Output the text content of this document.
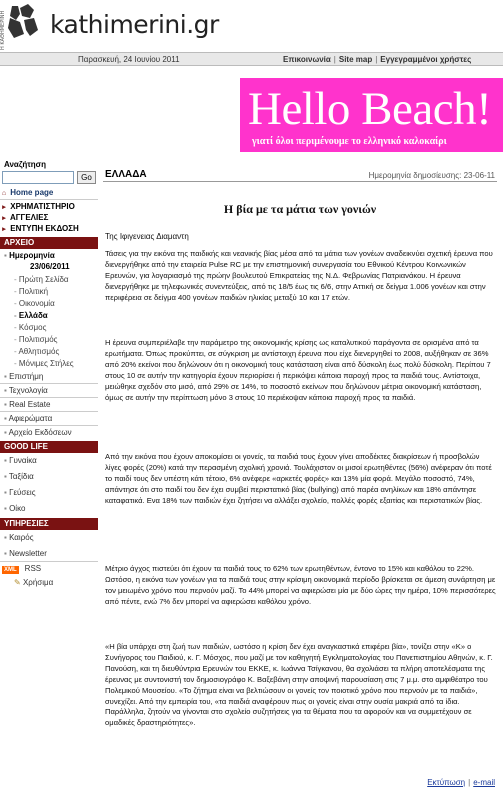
Η ΚΑΘΗΜΕΡΙΝΗ kathimerini.gr
Παρασκευή, 24 Ιουνίου 2011	Επικοινωνία | Site map | Εγγεγραμμένοι χρήστες
Hello Beach!
γιατί όλοι περιμένουμε το ελληνικό καλοκαίρι
Αναζήτηση
Go
⌂ Home page
▸ ΧΡΗΜΑΤΙΣΤΗΡΙΟ
▸ ΑΓΓΕΛΙΕΣ
▸ ΕΝΤΥΠΗ ΕΚΔΟΣΗ
ΑΡΧΕΙΟ
▪ Ημερομηνία
23/06/2011
- Πρώτη Σελίδα
- Πολιτική
- Οικονομία
- Ελλάδα
- Κόσμος
- Πολιτισμός
- Αθλητισμός
- Μόνιμες Στήλες
▪ Επιστήμη
▪ Τεχνολογία
▪ Real Estate
▪ Αφιερώματα
▪ Αρχείο Εκδόσεων
GOOD LIFE
▪ Γυναίκα
▪ Ταξίδια
▪ Γεύσεις
▪ Οίκο
ΥΠΗΡΕΣΙΕΣ
▪ Καιρός
▪ Newsletter
XML RSS
✎ Χρήσιμα
ΕΛΛΑΔΑ	Ημερομηνία δημοσίευσης: 23-06-11
Η βία με τα μάτια των γονιών
Της Ιφιγενειας Διαμαντη
Τάσεις για την εικόνα της παιδικής και νεανικής βίας μέσα από τα μάτια των γονέων αναδεικνύει σχετική έρευνα που διενεργήθηκε από την εταιρεία Pulse RC με την επιστημονική συνεργασία του Εθνικού Κέντρου Κοινωνικών Ερευνών, για λογαριασμό της πρώην βουλευτού Επικρατείας της Ν.Δ. Φεβρωνίας Πατριανάκου. Η έρευνα διενεργήθηκε με τηλεφωνικές συνεντεύξεις, από τις 18/5 έως τις 6/6, στην Αττική σε δείγμα 1.006 γονέων και στην περιφέρεια σε δείγμα 400 γονέων παιδιών ηλικίας μεταξύ 10 και 17 ετών.
Η έρευνα συμπεριέλαβε την παράμετρο της οικονομικής κρίσης ως καταλυτικού παράγοντα σε ορισμένα από τα ερωτήματα. Όπως προκύπτει, σε σύγκριση με αντίστοιχη έρευνα που είχε διενεργηθεί το 2008, αυξήθηκαν σε 36% από 20% εκείνοι που δηλώνουν ότι η οικονομική τους κατάσταση είναι από δύσκολη έως πολύ δύσκολη. Περίπου 7 στους 10 σε αυτήν την κατηγορία έχουν περιορίσει ή περικόψει κάποια παροχή προς τα παιδιά τους. Αντίστοιχα, μειώθηκε σχεδόν στο μισό, από 29% σε 14%, το ποσοστό εκείνων που δηλώνουν μέτρια οικονομική κατάσταση, όμως σε αυτήν την περίπτωση μόνο 3 στους 10 περιέκοψαν κάποια παροχή προς τα παιδιά.
Από την εικόνα που έχουν αποκομίσει οι γονείς, τα παιδιά τους έχουν γίνει αποδέκτες διακρίσεων ή προσβολών λίγες φορές (20%) κατά την περασμένη σχολική χρονιά. Τουλάχιστον οι μισοί ερωτηθέντες (56%) ανέφεραν ότι ποτέ το παιδί τους δεν υπέστη κάτι τέτοιο, 6% ανέφερε «αρκετές φορές» και 13% μία φορά. Μεγάλο ποσοστό, 74%, απάντησε ότι στο παιδί του δεν έχει συμβεί περιστατικό βίας (bullying) από παρέα ανηλίκων και 18% απάντησε καταφατικά. Ενα 18% των παιδιών έχει ζητήσει να αλλάξει σχολείο, πολλές φορές εξαιτίας και περιστατικών βίας.
Μέτριο άγχος πιστεύει ότι έχουν τα παιδιά τους το 62% των ερωτηθέντων, έντονο το 15% και καθόλου το 22%. Ωστόσο, η εικόνα των γονέων για τα παιδιά τους στην κρίσιμη οικονομικά περίοδο βρίσκεται σε άμεση συνάρτηση με τον μειωμένο χρόνο που περνούν μαζί. Το 44% μπορεί να αφιερώσει μία με δύο ώρες την ημέρα, 10% περισσότερες από πέντε, ενώ 7% δεν μπορεί να αφιερώσει καθόλου χρόνο.
«Η βία υπάρχει στη ζωή των παιδιών, ωστόσο η κρίση δεν έχει αναγκαστικά επιφέρει βία», τονίζει στην «Κ» ο Συνήγορος του Παιδιού, κ. Γ. Μόσχος, που μαζί με τον καθηγητή Εγκληματολογίας του Πανεπιστημίου Αθηνών, κ. Γ. Πανούση, και τη διευθύντρια Ερευνών του ΕΚΚΕ, κ. Ιωάννα Τσίγκανου, θα σχολιάσει τα πλήρη αποτελέσματα της έρευνας με συντονιστή τον δημοσιογράφο Κ. Βαξεβάνη στην αποψινή παρουσίαση στις 7 μ.μ. στο αμφιθέατρο του Πολεμικού Μουσείου. «Το ζήτημα είναι να βελτιώσουν οι γονείς τον ποιοτικό χρόνο που περνούν με τα παιδιά», συνεχίζει. Από την εμπειρία του, «τα παιδιά αναφέρουν πως οι γονείς είναι στην ουσία μακριά από τα ίδια. Παράλληλα, ζητούν να γίνονται στο σχολείο συζητήσεις για τα θέματα που τα αφορούν και να συμμετέχουν σε ομαδικές δραστηριότητες».
Εκτύπωση | e-mail
